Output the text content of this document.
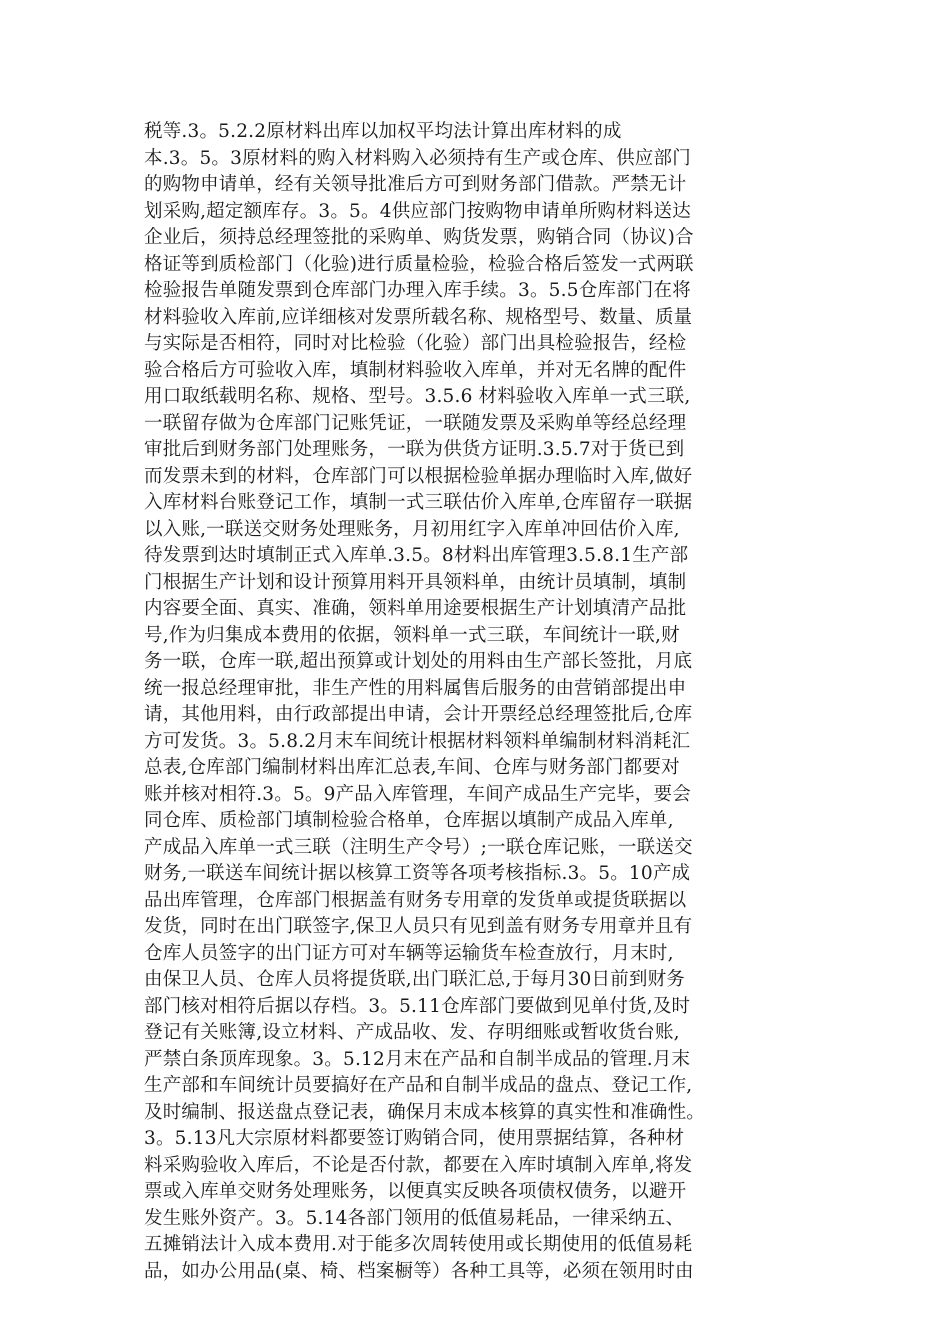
税等.3。5.2.2原材料出库以加权平均法计算出库材料的成
本.3。5。3原材料的购入材料购入必须持有生产或仓库、供应部门
的购物申请单，经有关领导批准后方可到财务部门借款。严禁无计
划采购,超定额库存。3。5。4供应部门按购物申请单所购材料送达
企业后，须持总经理签批的采购单、购货发票，购销合同（协议)合
格证等到质检部门（化验)进行质量检验，检验合格后签发一式两联
检验报告单随发票到仓库部门办理入库手续。3。5.5仓库部门在将
材料验收入库前,应详细核对发票所载名称、规格型号、数量、质量
与实际是否相符，同时对比检验（化验）部门出具检验报告，经检
验合格后方可验收入库，填制材料验收入库单，并对无名牌的配件
用口取纸载明名称、规格、型号。3.5.6 材料验收入库单一式三联,
一联留存做为仓库部门记账凭证，一联随发票及采购单等经总经理
审批后到财务部门处理账务，一联为供货方证明.3.5.7对于货已到
而发票未到的材料，仓库部门可以根据检验单据办理临时入库,做好
入库材料台账登记工作，填制一式三联估价入库单,仓库留存一联据
以入账,一联送交财务处理账务，月初用红字入库单冲回估价入库,
待发票到达时填制正式入库单.3.5。8材料出库管理3.5.8.1生产部
门根据生产计划和设计预算用料开具领料单，由统计员填制，填制
内容要全面、真实、准确，领料单用途要根据生产计划填清产品批
号,作为归集成本费用的依据，领料单一式三联，车间统计一联,财
务一联，仓库一联,超出预算或计划处的用料由生产部长签批，月底
统一报总经理审批，非生产性的用料属售后服务的由营销部提出申
请，其他用料，由行政部提出申请，会计开票经总经理签批后,仓库
方可发货。3。5.8.2月末车间统计根据材料领料单编制材料消耗汇
总表,仓库部门编制材料出库汇总表,车间、仓库与财务部门都要对
账并核对相符.3。5。9产品入库管理，车间产成品生产完毕，要会
同仓库、质检部门填制检验合格单，仓库据以填制产成品入库单,
产成品入库单一式三联（注明生产令号）;一联仓库记账，一联送交
财务,一联送车间统计据以核算工资等各项考核指标.3。5。10产成
品出库管理，仓库部门根据盖有财务专用章的发货单或提货联据以
发货，同时在出门联签字,保卫人员只有见到盖有财务专用章并且有
仓库人员签字的出门证方可对车辆等运输货车检查放行，月末时,
由保卫人员、仓库人员将提货联,出门联汇总,于每月30日前到财务
部门核对相符后据以存档。3。5.11仓库部门要做到见单付货,及时
登记有关账簿,设立材料、产成品收、发、存明细账或暂收货台账,
严禁白条顶库现象。3。5.12月末在产品和自制半成品的管理.月末
生产部和车间统计员要搞好在产品和自制半成品的盘点、登记工作,
及时编制、报送盘点登记表，确保月末成本核算的真实性和准确性。
3。5.13凡大宗原材料都要签订购销合同，使用票据结算，各种材
料采购验收入库后，不论是否付款，都要在入库时填制入库单,将发
票或入库单交财务处理账务，以便真实反映各项债权债务，以避开
发生账外资产。3。5.14各部门领用的低值易耗品，一律采纳五、
五摊销法计入成本费用.对于能多次周转使用或长期使用的低值易耗
品，如办公用品(桌、椅、档案橱等）各种工具等，必须在领用时由
